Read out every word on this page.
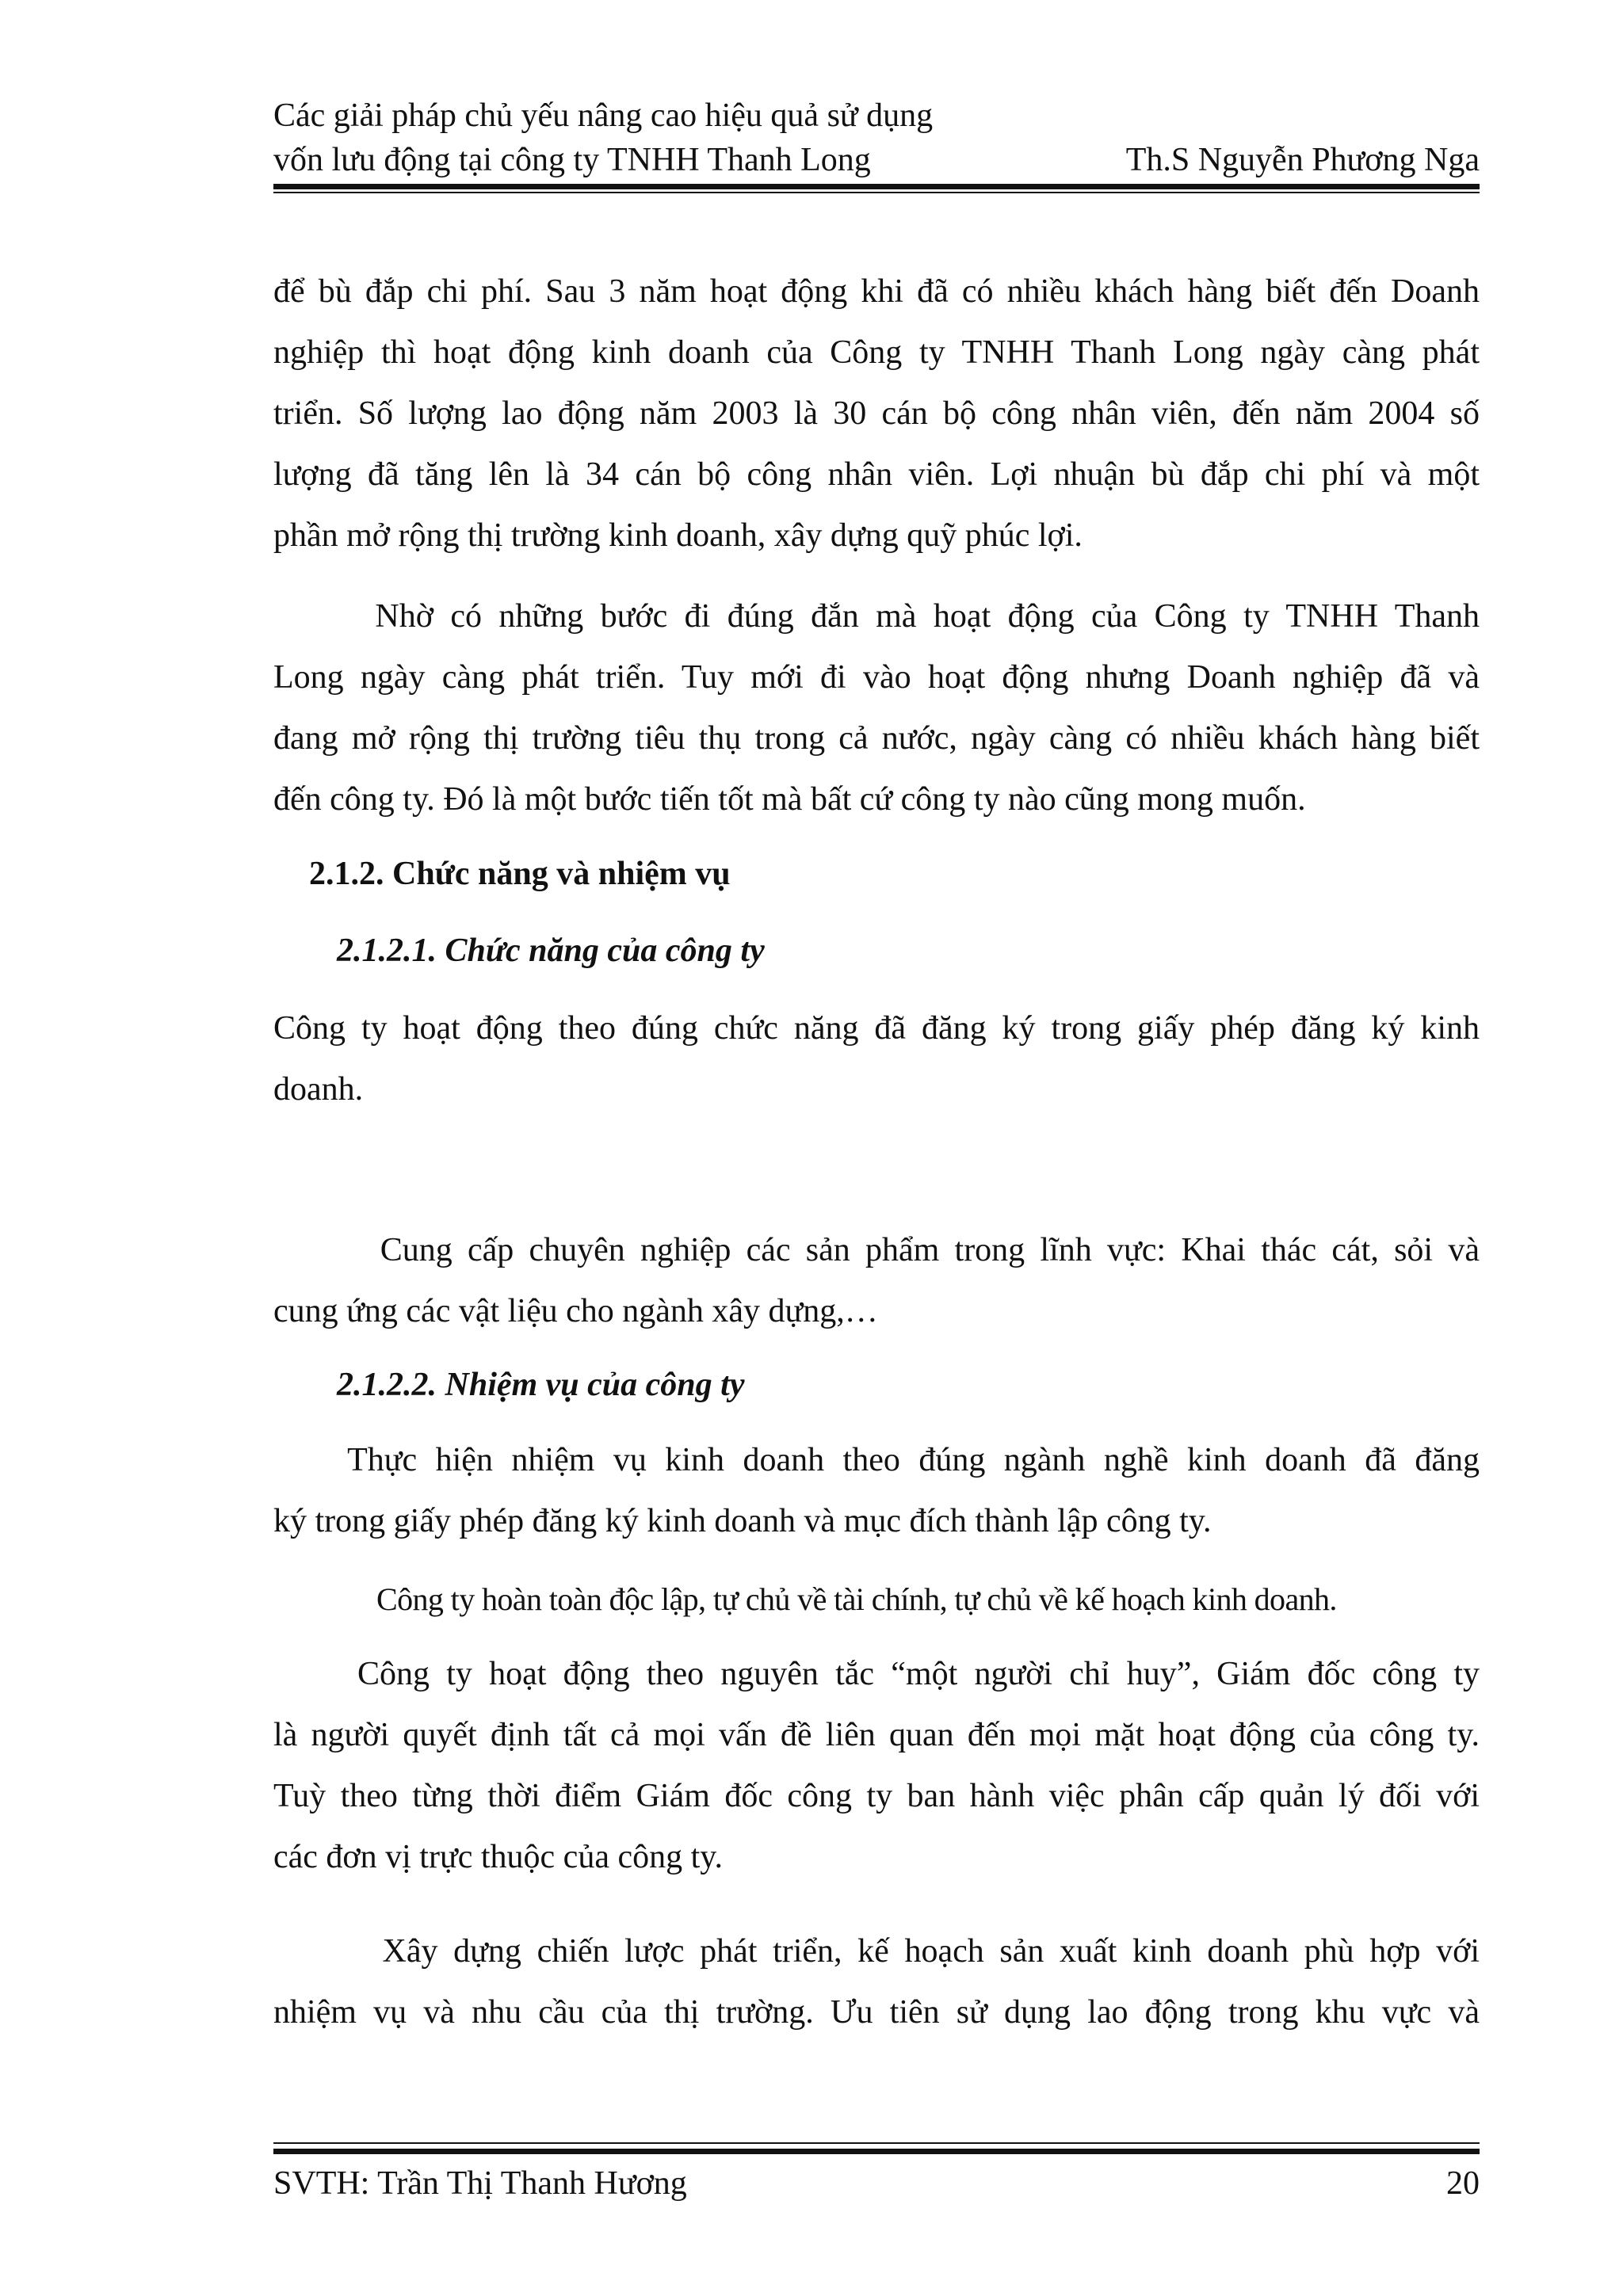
Các giải pháp chủ yếu nâng cao hiệu quả sử dụng
vốn lưu động tại công ty TNHH Thanh Long	Th.S Nguyễn Phương Nga
để bù đắp chi phí. Sau 3 năm hoạt động khi đã có nhiều khách hàng biết đến Doanh
nghiệp thì hoạt động kinh doanh của Công ty TNHH Thanh Long ngày càng phát
triển. Số lượng lao động năm 2003 là 30 cán bộ công nhân viên, đến năm 2004 số
lượng đã tăng lên là 34 cán bộ công nhân viên. Lợi nhuận bù đắp chi phí và một
phần mở rộng thị trường kinh doanh, xây dựng quỹ phúc lợi.
Nhờ có những bước đi đúng đắn mà hoạt động của Công ty TNHH Thanh
Long ngày càng phát triển. Tuy mới đi vào hoạt động nhưng Doanh nghiệp đã và
đang mở rộng thị trường tiêu thụ trong cả nước, ngày càng có nhiều khách hàng biết
đến công ty. Đó là một bước tiến tốt mà bất cứ công ty nào cũng mong muốn.
2.1.2. Chức năng và nhiệm vụ
2.1.2.1. Chức năng của công ty
Công ty hoạt động theo đúng chức năng đã đăng ký trong giấy phép đăng ký kinh
doanh.
Cung cấp chuyên nghiệp các sản phẩm trong lĩnh vực: Khai thác cát, sỏi và
cung ứng các vật liệu cho ngành xây dựng,…
2.1.2.2. Nhiệm vụ của công ty
Thực hiện nhiệm vụ kinh doanh theo đúng ngành nghề kinh doanh đã đăng
ký trong giấy phép đăng ký kinh doanh và mục đích thành lập công ty.
Công ty hoàn toàn độc lập, tự chủ về tài chính, tự chủ về kế hoạch kinh doanh.
Công ty hoạt động theo nguyên tắc “một người chỉ huy”, Giám đốc công ty
là người quyết định tất cả mọi vấn đề liên quan đến mọi mặt hoạt động của công ty.
Tuỳ theo từng thời điểm Giám đốc công ty ban hành việc phân cấp quản lý đối với
các đơn vị trực thuộc của công ty.
Xây dựng chiến lược phát triển, kế hoạch sản xuất kinh doanh phù hợp với
nhiệm vụ và nhu cầu của thị trường. Ưu tiên sử dụng lao động trong khu vực và
SVTH: Trần Thị Thanh Hương	20
